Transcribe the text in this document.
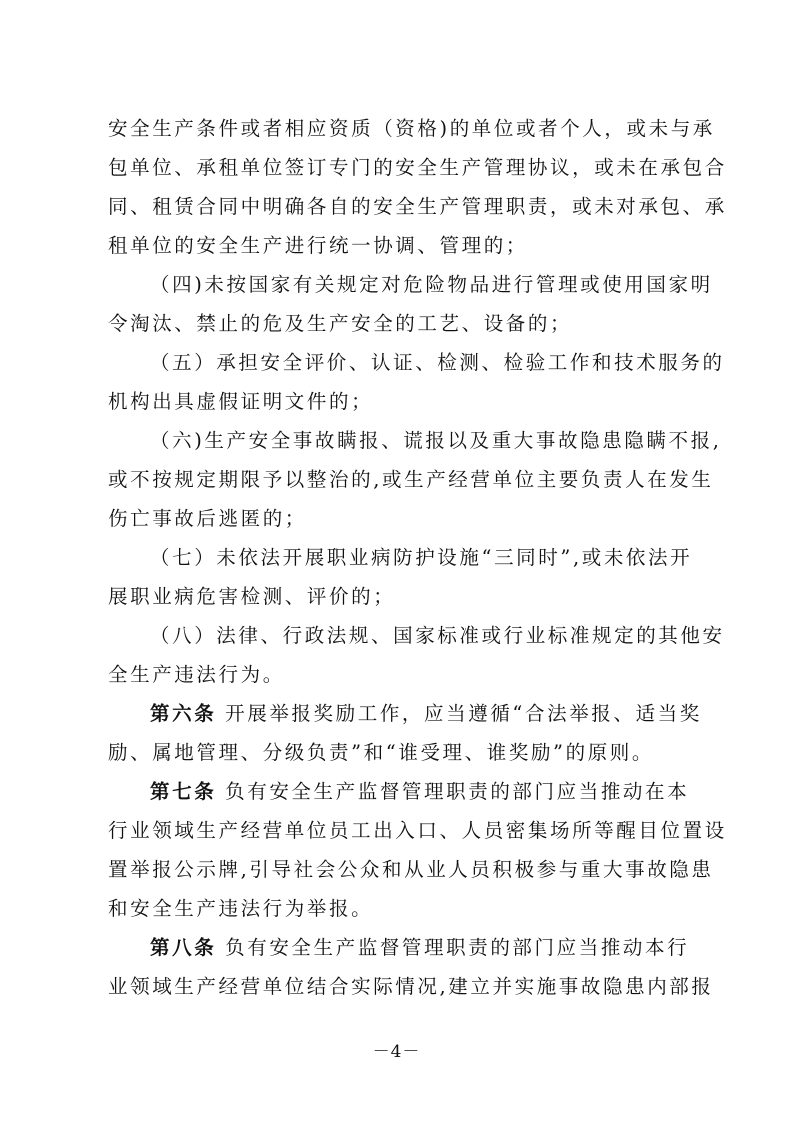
安全生产条件或者相应资质（资格)的单位或者个人，或未与承
包单位、承租单位签订专门的安全生产管理协议，或未在承包合
同、租赁合同中明确各自的安全生产管理职责，或未对承包、承
租单位的安全生产进行统一协调、管理的；
（四)未按国家有关规定对危险物品进行管理或使用国家明
令淘汰、禁止的危及生产安全的工艺、设备的；
（五）承担安全评价、认证、检测、检验工作和技术服务的
机构出具虚假证明文件的；
（六)生产安全事故瞒报、谎报以及重大事故隐患隐瞒不报,
或不按规定期限予以整治的,或生产经营单位主要负责人在发生
伤亡事故后逃匿的；
（七）未依法开展职业病防护设施“三同时”,或未依法开
展职业病危害检测、评价的；
（八）法律、行政法规、国家标准或行业标准规定的其他安
全生产违法行为。
第六条 开展举报奖励工作，应当遵循“合法举报、适当奖
励、属地管理、分级负责”和“谁受理、谁奖励”的原则。
第七条 负有安全生产监督管理职责的部门应当推动在本
行业领域生产经营单位员工出入口、人员密集场所等醒目位置设
置举报公示牌,引导社会公众和从业人员积极参与重大事故隐患
和安全生产违法行为举报。
第八条 负有安全生产监督管理职责的部门应当推动本行
业领域生产经营单位结合实际情况,建立并实施事故隐患内部报
－4－
